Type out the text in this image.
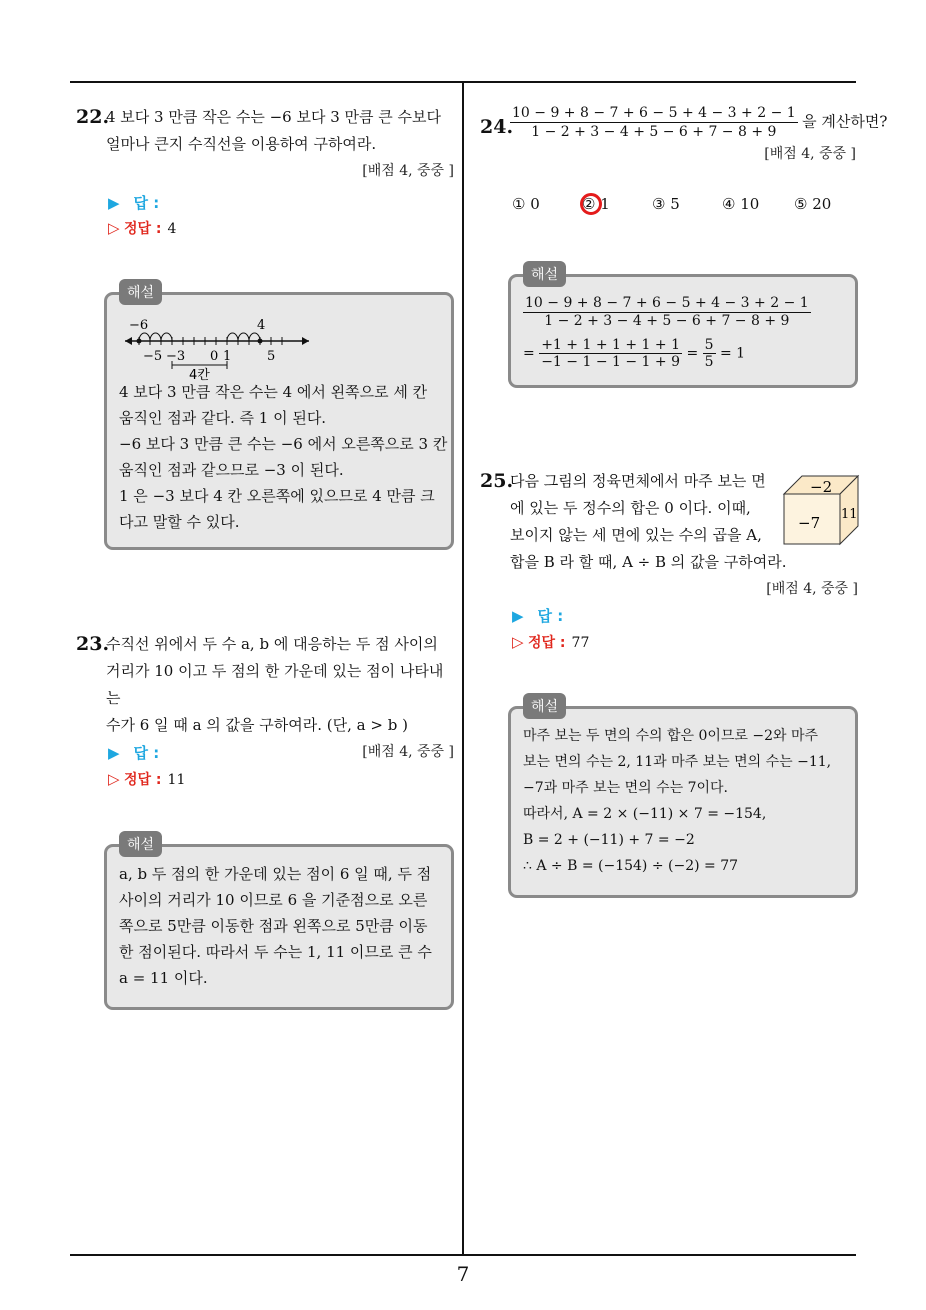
7
22.
4 보다 3 만큼 작은 수는 −6 보다 3 만큼 큰 수보다
얼마나 큰지 수직선을 이용하여 구하여라.
[배점 4, 중중 ]
▶ 답 :
▷ 정답 : 4
해설
−6	4
−5 −3 0 1	5
4칸
4 보다 3 만큼 작은 수는 4 에서 왼쪽으로 세 칸
움직인 점과 같다. 즉 1 이 된다.
−6 보다 3 만큼 큰 수는 −6 에서 오른쪽으로 3 칸
움직인 점과 같으므로 −3 이 된다.
1 은 −3 보다 4 칸 오른쪽에 있으므로 4 만큼 크
다고 말할 수 있다.
23.
수직선 위에서 두 수 a, b 에 대응하는 두 점 사이의
거리가 10 이고 두 점의 한 가운데 있는 점이 나타내는
수가 6 일 때 a 의 값을 구하여라. (단, a > b )
[배점 4, 중중 ]
▶ 답 :
▷ 정답 : 11
해설
a, b 두 점의 한 가운데 있는 점이 6 일 때, 두 점
사이의 거리가 10 이므로 6 을 기준점으로 오른
쪽으로 5만큼 이동한 점과 왼쪽으로 5만큼 이동
한 점이된다. 따라서 두 수는 1, 11 이므로 큰 수
a = 11 이다.
24.
$\frac{10 - 9 + 8 - 7 + 6 - 5 + 4 - 3 + 2 - 1}{1 - 2 + 3 - 4 + 5 - 6 + 7 - 8 + 9}$ 을 계산하면?
[배점 4, 중중 ]
① 0	② 1	③ 5	④ 10 ⑤ 20
해설
$\frac{10 - 9 + 8 - 7 + 6 - 5 + 4 - 3 + 2 - 1}{1 - 2 + 3 - 4 + 5 - 6 + 7 - 8 + 9}$
= $\frac{+1 + 1 + 1 + 1 + 1}{-1 - 1 - 1 - 1 + 9} = \frac{5}{5} = 1$
25.
다음 그림의 정육면체에서 마주 보는 면
에 있는 두 정수의 합은 0 이다. 이때,
보이지 않는 세 면에 있는 수의 곱을 A,
합을 B 라 할 때, A ÷ B 의 값을 구하여라.
[배점 4, 중중 ]
−2
−7 11
▶ 답 :
▷ 정답 : 77
해설
마주 보는 두 면의 수의 합은 0이므로 −2와 마주
보는 면의 수는 2, 11과 마주 보는 면의 수는 −11,
−7과 마주 보는 면의 수는 7이다.
따라서, A = 2 × (−11) × 7 = −154,
B = 2 + (−11) + 7 = −2
∴ A ÷ B = (−154) ÷ (−2) = 77
